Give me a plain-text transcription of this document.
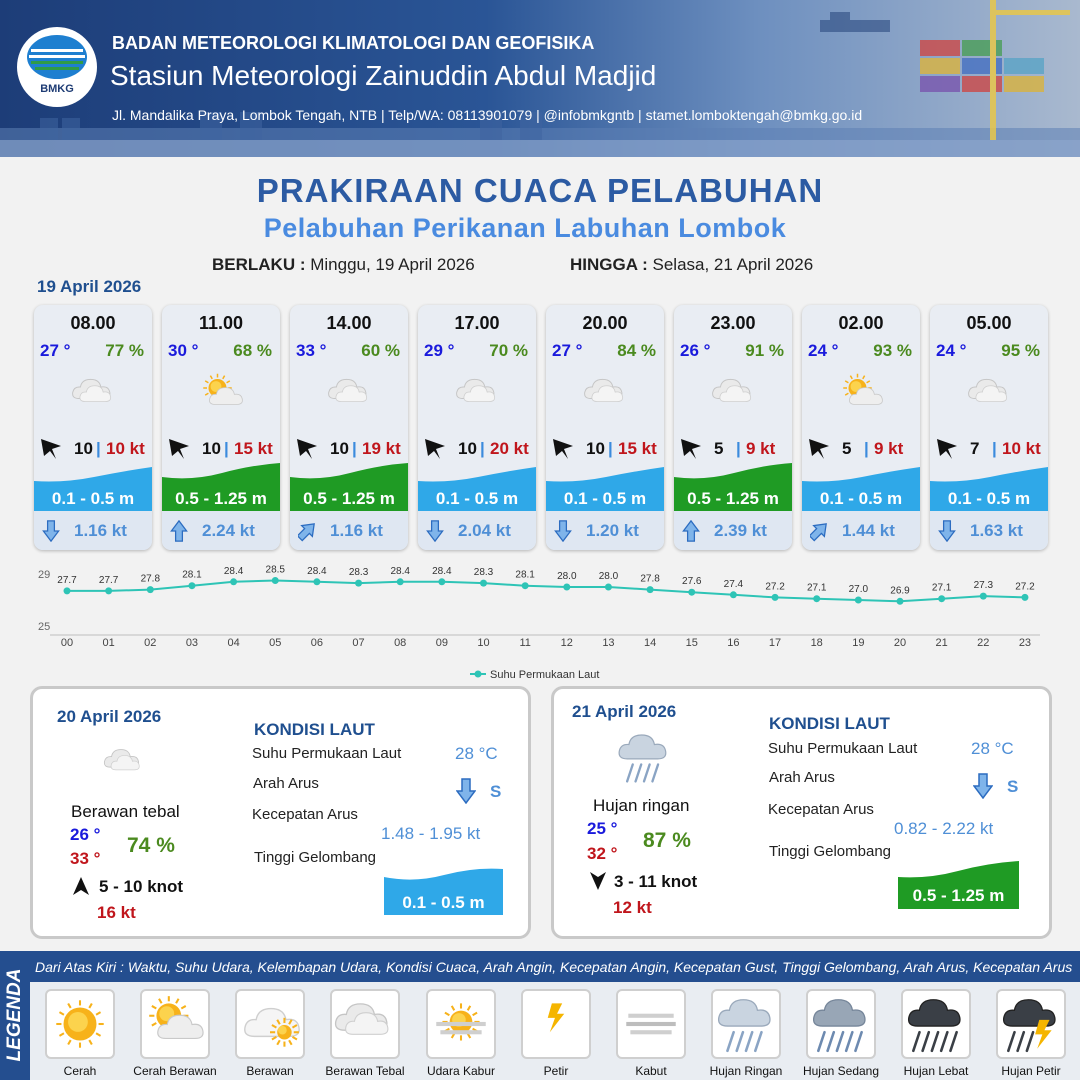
BMKG
BADAN METEOROLOGI KLIMATOLOGI DAN GEOFISIKA
Stasiun Meteorologi Zainuddin Abdul Madjid
Jl. Mandalika Praya, Lombok Tengah, NTB | Telp/WA: 08113901079 | @infobmkgntb | stamet.lomboktengah@bmkg.go.id
PRAKIRAAN CUACA PELABUHAN
Pelabuhan Perikanan Labuhan Lombok
BERLAKU : Minggu, 19 April 2026	HINGGA : Selasa, 21 April 2026
19 April 2026
08.00
27 ° 77 %
10 | 10 kt
0.1 - 0.5 m
1.16 kt
11.00
30 ° 68 %
10 | 15 kt
0.5 - 1.25 m
2.24 kt
14.00
33 ° 60 %
10 | 19 kt
0.5 - 1.25 m
1.16 kt
17.00
29 ° 70 %
10 | 20 kt
0.1 - 0.5 m
2.04 kt
20.00
27 ° 84 %
10 | 15 kt
0.1 - 0.5 m
1.20 kt
23.00
26 ° 91 %
5 | 9 kt
0.5 - 1.25 m
2.39 kt
02.00
24 ° 93 %
5 | 9 kt
0.1 - 0.5 m
1.44 kt
05.00
24 ° 95 %
7 | 10 kt
0.1 - 0.5 m
1.63 kt
29
25
27.7
00
27.7
01
27.8
02
28.1
03
28.4
04
28.5
05
28.4
06
28.3
07
28.4
08
28.4
09
28.3
10
28.1
11
28.0
12
28.0
13
27.8
14
27.6
15
27.4
16
27.2
17
27.1
18
27.0
19
26.9
20
27.1
21
27.3
22
27.2
23
Suhu Permukaan Laut
20 April 2026
Berawan tebal
26 °
33 °
74 %
5 - 10 knot
16 kt
KONDISI LAUT
Suhu Permukaan Laut	28 °C
Arah Arus	S
Kecepatan Arus
1.48 - 1.95 kt
Tinggi Gelombang
0.1 - 0.5 m
21 April 2026
Hujan ringan
25 °
32 °
87 %
3 - 11 knot
12 kt
KONDISI LAUT
Suhu Permukaan Laut	28 °C
Arah Arus	S
Kecepatan Arus
0.82 - 2.22 kt
Tinggi Gelombang
0.5 - 1.25 m
LEGENDA
Dari Atas Kiri : Waktu, Suhu Udara, Kelembapan Udara, Kondisi Cuaca, Arah Angin, Kecepatan Angin, Kecepatan Gust, Tinggi Gelombang, Arah Arus, Kecepatan Arus
Cerah	Cerah Berawan	Berawan	Berawan Tebal	Udara Kabur	Petir	Kabut	Hujan Ringan	Hujan Sedang	Hujan Lebat	Hujan Petir
